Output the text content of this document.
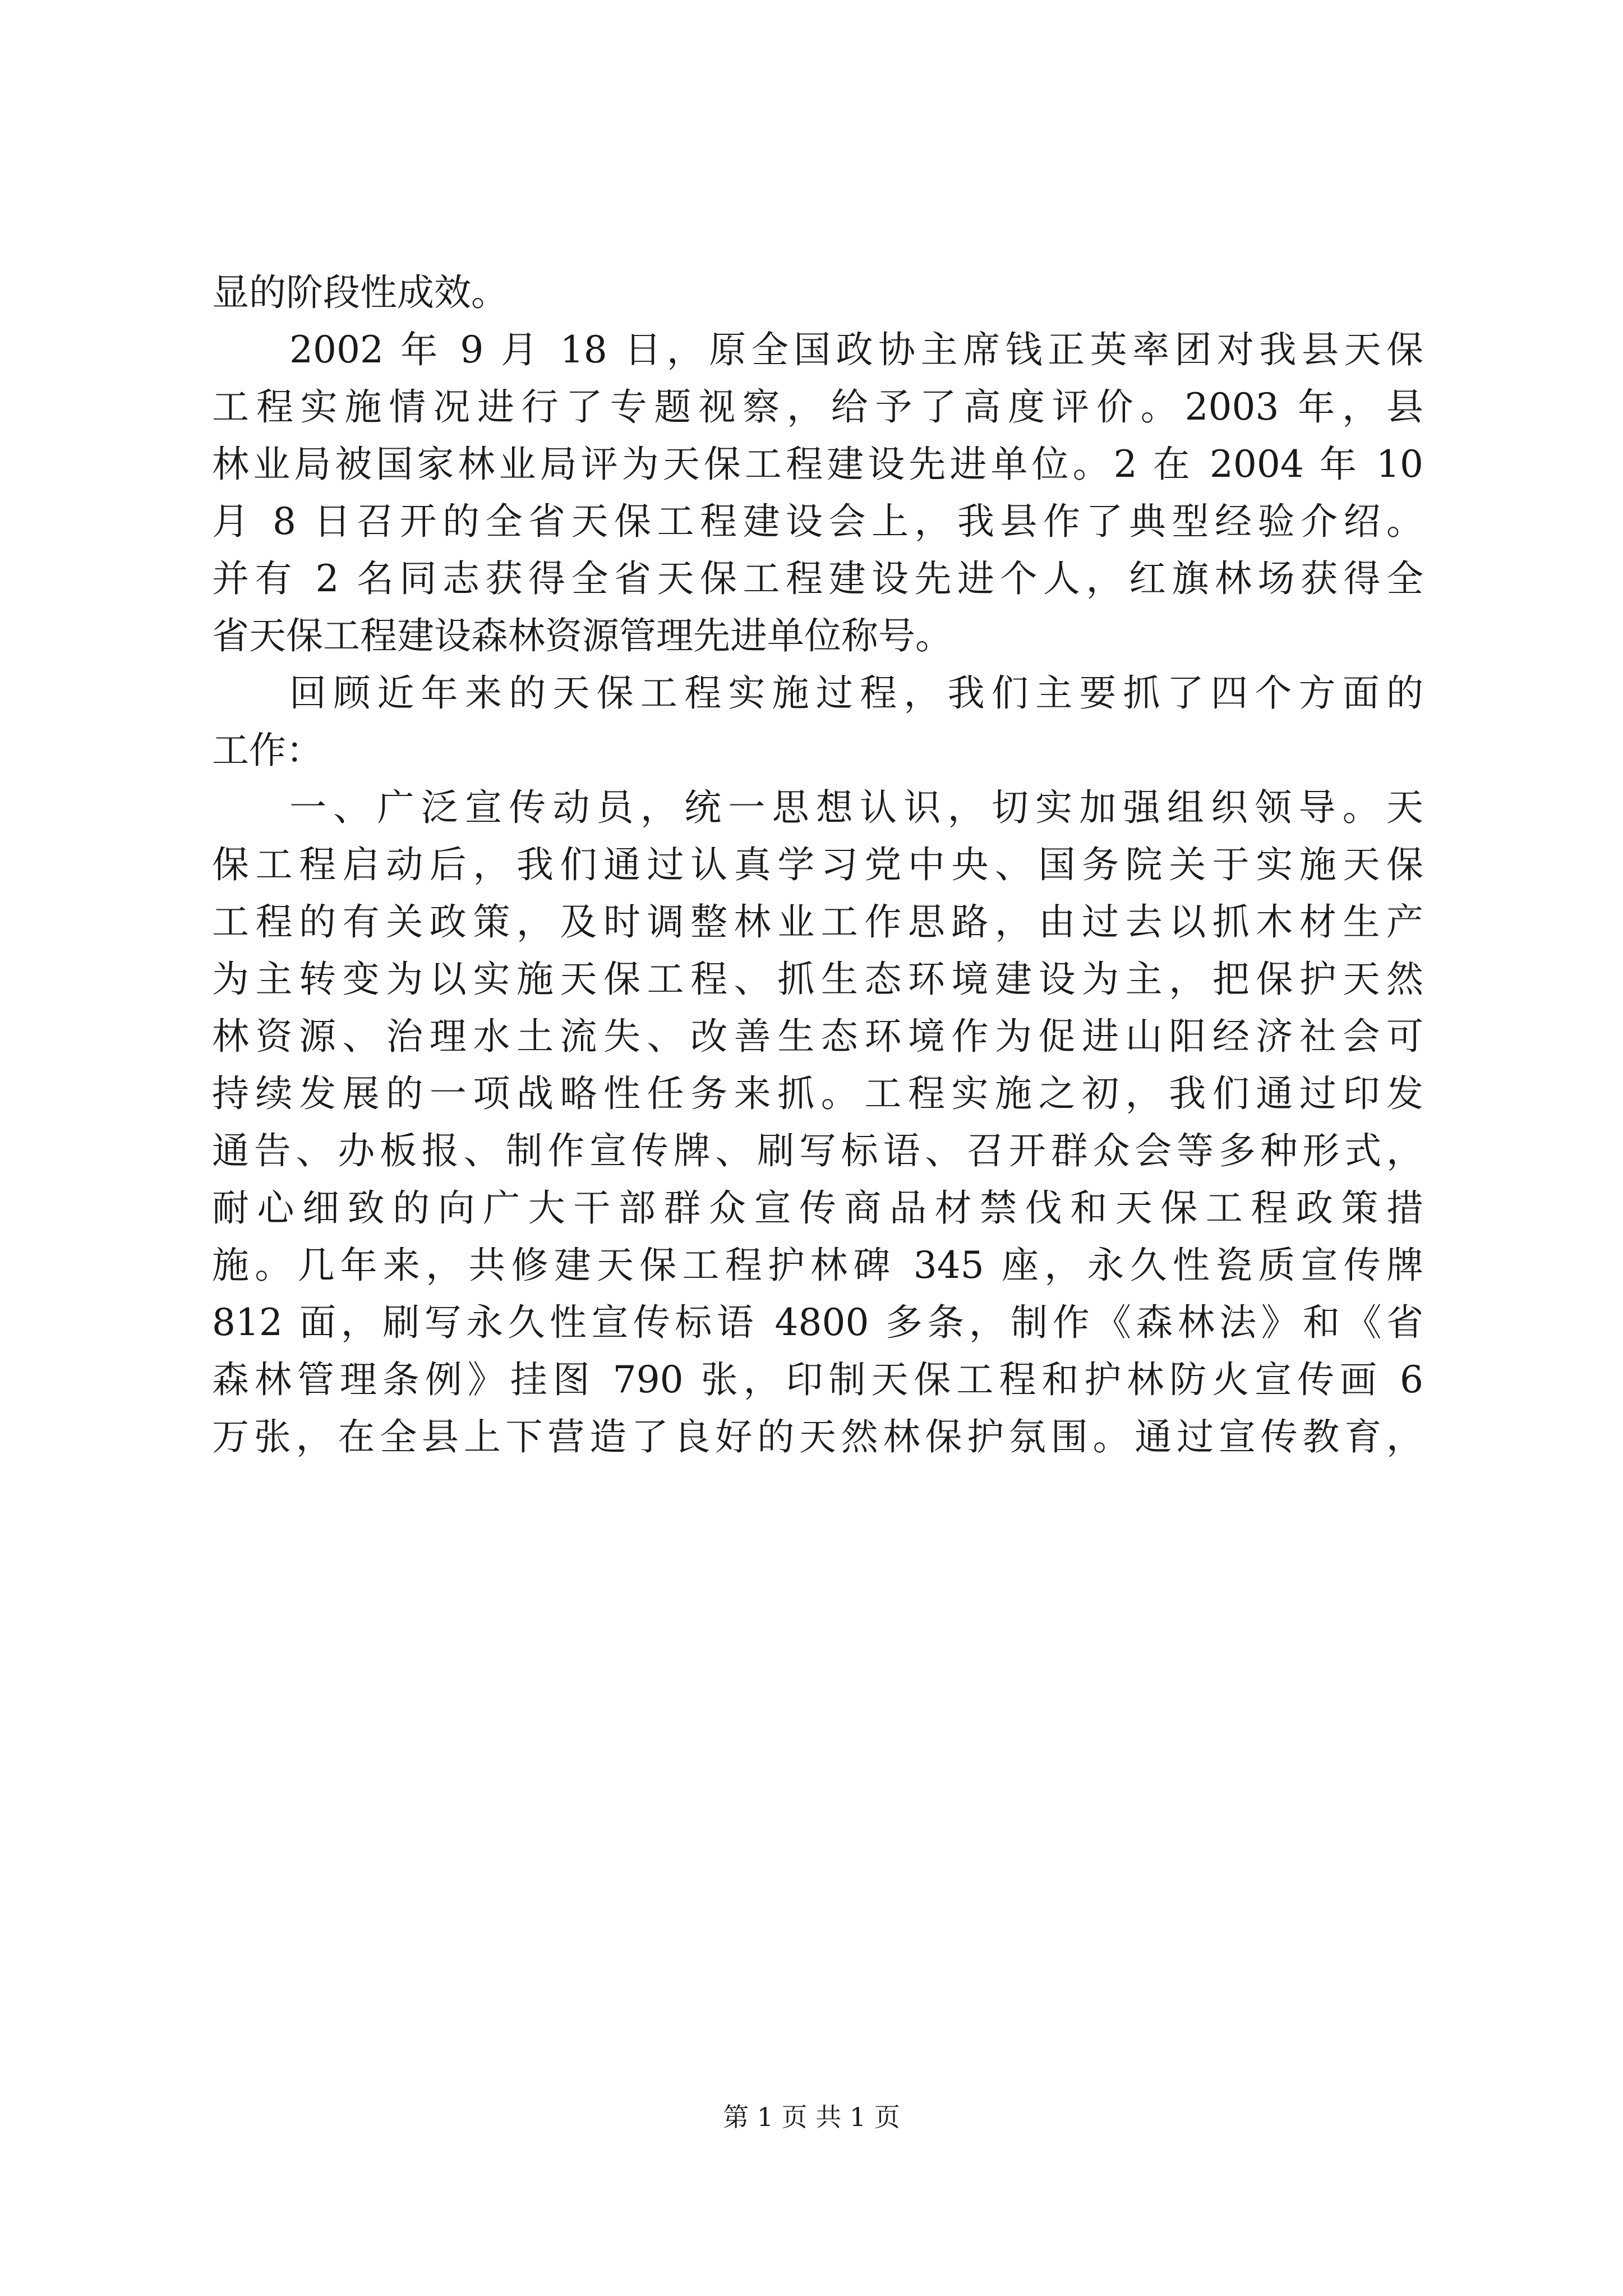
显的阶段性成效。
2002 年 9 月 18 日，原全国政协主席钱正英率团对我县天保
工程实施情况进行了专题视察，给予了高度评价。2003 年，县
林业局被国家林业局评为天保工程建设先进单位。2 在 2004 年 10
月 8 日召开的全省天保工程建设会上，我县作了典型经验介绍。
并有 2 名同志获得全省天保工程建设先进个人，红旗林场获得全
省天保工程建设森林资源管理先进单位称号。
回顾近年来的天保工程实施过程，我们主要抓了四个方面的
工作：
一、广泛宣传动员，统一思想认识，切实加强组织领导。天
保工程启动后，我们通过认真学习党中央、国务院关于实施天保
工程的有关政策，及时调整林业工作思路，由过去以抓木材生产
为主转变为以实施天保工程、抓生态环境建设为主，把保护天然
林资源、治理水土流失、改善生态环境作为促进山阳经济社会可
持续发展的一项战略性任务来抓。工程实施之初，我们通过印发
通告、办板报、制作宣传牌、刷写标语、召开群众会等多种形式，
耐心细致的向广大干部群众宣传商品材禁伐和天保工程政策措
施。几年来，共修建天保工程护林碑 345 座，永久性瓷质宣传牌
812 面，刷写永久性宣传标语 4800 多条，制作《森林法》和《省
森林管理条例》挂图 790 张，印制天保工程和护林防火宣传画 6
万张，在全县上下营造了良好的天然林保护氛围。通过宣传教育，
第 1 页 共 1 页
